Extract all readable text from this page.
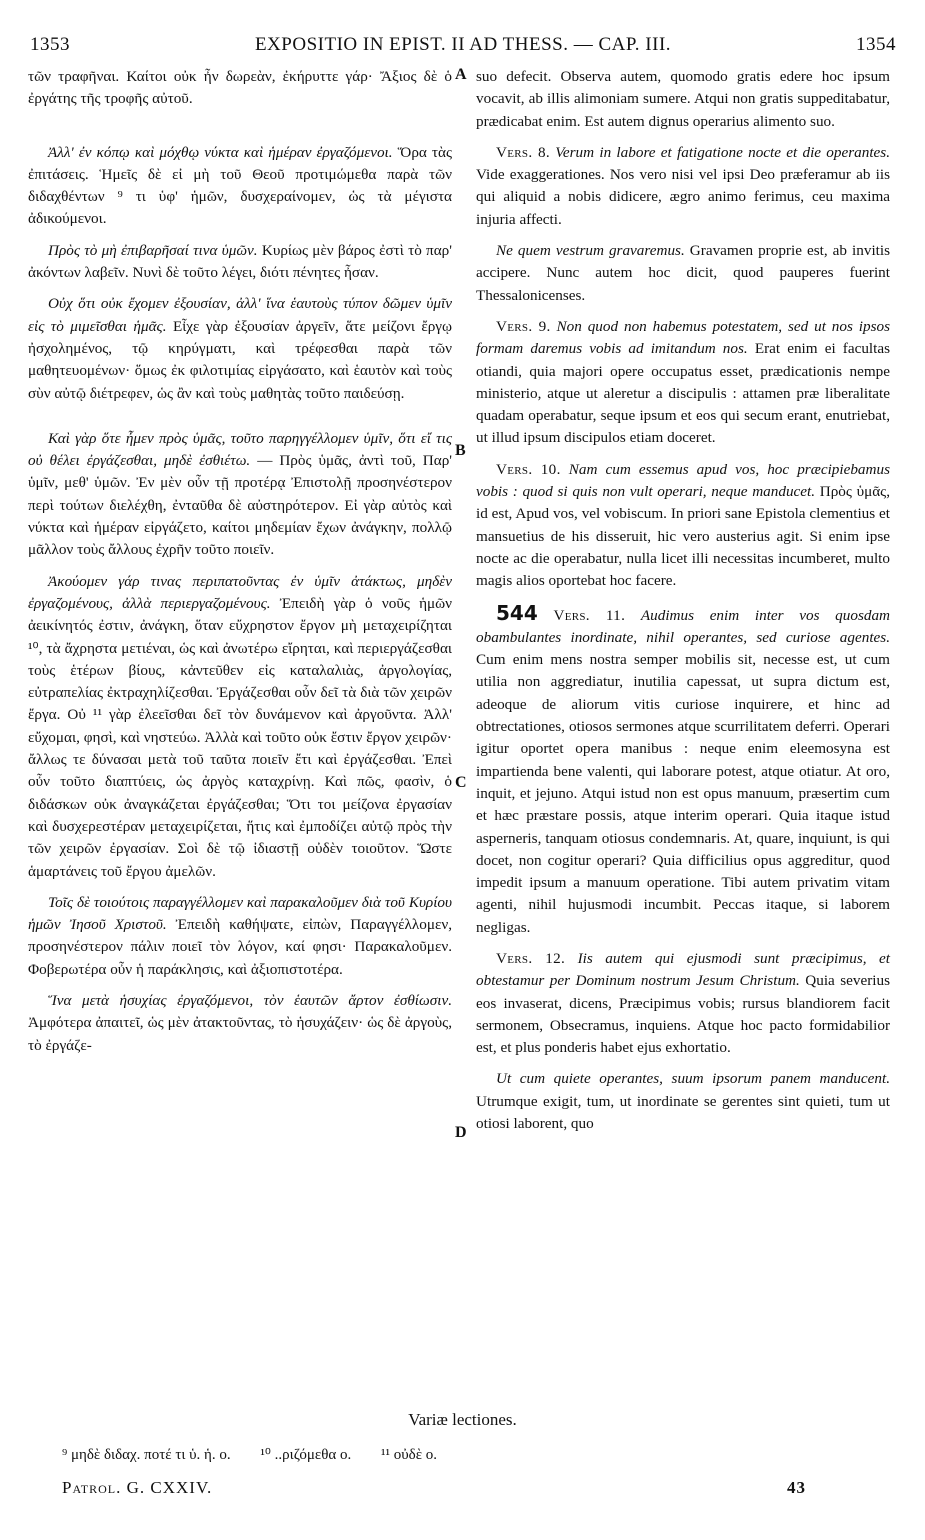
1353	EXPOSITIO IN EPIST. II AD THESS. — CAP. III.	1354
A
B
C
D

τῶν τραφῆναι. Καίτοι οὐκ ἦν δωρεὰν, ἐκήρυττε γάρ· Ἄξιος δὲ ὁ ἐργάτης τῆς τροφῆς αὐτοῦ.

Ἀλλ' ἐν κόπῳ καὶ μόχθῳ νύκτα καὶ ἡμέραν ἐργαζόμενοι. Ὅρα τὰς ἐπιτάσεις. Ἡμεῖς δὲ εἰ μὴ τοῦ Θεοῦ προτιμώμεθα παρὰ τῶν διδαχθέντων ⁹ τι ὑφ' ἡμῶν, δυσχεραίνομεν, ὡς τὰ μέγιστα ἀδικούμενοι.

Πρὸς τὸ μὴ ἐπιβαρῆσαί τινα ὑμῶν. Κυρίως μὲν βάρος ἐστὶ τὸ παρ' ἀκόντων λαβεῖν. Νυνὶ δὲ τοῦτο λέγει, διότι πένητες ἦσαν.

Οὐχ ὅτι οὐκ ἔχομεν ἐξουσίαν, ἀλλ' ἵνα ἑαυτοὺς τύπον δῶμεν ὑμῖν εἰς τὸ μιμεῖσθαι ἡμᾶς. Εἶχε γὰρ ἐξουσίαν ἀργεῖν, ἅτε μείζονι ἔργῳ ἠσχολημένος, τῷ κηρύγματι, καὶ τρέφεσθαι παρὰ τῶν μαθητευομένων· ὅμως ἐκ φιλοτιμίας εἰργάσατο, καὶ ἑαυτὸν καὶ τοὺς σὺν αὐτῷ διέτρεφεν, ὡς ἂν καὶ τοὺς μαθητὰς τοῦτο παιδεύσῃ.

Καὶ γὰρ ὅτε ἦμεν πρὸς ὑμᾶς, τοῦτο παρηγγέλλομεν ὑμῖν, ὅτι εἴ τις οὐ θέλει ἐργάζεσθαι, μηδὲ ἐσθιέτω. — Πρὸς ὑμᾶς, ἀντὶ τοῦ, Παρ' ὑμῖν, μεθ' ὑμῶν. Ἐν μὲν οὖν τῇ προτέρᾳ Ἐπιστολῇ προσηνέστερον περὶ τούτων διελέχθη, ἐνταῦθα δὲ αὐστηρότερον. Εἰ γὰρ αὐτὸς καὶ νύκτα καὶ ἡμέραν εἰργάζετο, καίτοι μηδεμίαν ἔχων ἀνάγκην, πολλῷ μᾶλλον τοὺς ἄλλους ἐχρῆν τοῦτο ποιεῖν.

Ἀκούομεν γάρ τινας περιπατοῦντας ἐν ὑμῖν ἀτάκτως, μηδὲν ἐργαζομένους, ἀλλὰ περιεργαζομένους. Ἐπειδὴ γὰρ ὁ νοῦς ἡμῶν ἀεικίνητός ἐστιν, ἀνάγκη, ὅταν εὔχρηστον ἔργον μὴ μεταχειρίζηται ¹⁰, τὰ ἄχρηστα μετιέναι, ὡς καὶ ἀνωτέρω εἴρηται, καὶ περιεργάζεσθαι τοὺς ἑτέρων βίους, κἀντεῦθεν εἰς καταλαλιὰς, ἀργολογίας, εὐτραπελίας ἐκτραχηλίζεσθαι. Ἐργάζεσθαι οὖν δεῖ τὰ διὰ τῶν χειρῶν ἔργα. Οὐ ¹¹ γὰρ ἐλεεῖσθαι δεῖ τὸν δυνάμενον καὶ ἀργοῦντα. Ἀλλ' εὔχομαι, φησὶ, καὶ νηστεύω. Ἀλλὰ καὶ τοῦτο οὐκ ἔστιν ἔργον χειρῶν· ἄλλως τε δύνασαι μετὰ τοῦ ταῦτα ποιεῖν ἔτι καὶ ἐργάζεσθαι. Ἐπεὶ οὖν τοῦτο διαπτύεις, ὡς ἀργὸς καταχρίνῃ. Καὶ πῶς, φασὶν, ὁ διδάσκων οὐκ ἀναγκάζεται ἐργάζεσθαι; Ὅτι τοι μείζονα ἐργασίαν καὶ δυσχερεστέραν μεταχειρίζεται, ἥτις καὶ ἐμποδίζει αὐτῷ πρὸς τὴν τῶν χειρῶν ἐργασίαν. Σοὶ δὲ τῷ ἰδιαστῇ οὐδὲν τοιοῦτον. Ὥστε ἁμαρτάνεις τοῦ ἔργου ἀμελῶν.

Τοῖς δὲ τοιούτοις παραγγέλλομεν καὶ παρακαλοῦμεν διὰ τοῦ Κυρίου ἡμῶν Ἰησοῦ Χριστοῦ. Ἐπειδὴ καθήψατε, εἰπὼν, Παραγγέλλομεν, προσηνέστερον πάλιν ποιεῖ τὸν λόγον, καί φησι· Παρακαλοῦμεν. Φοβερωτέρα οὖν ἡ παράκλησις, καὶ ἀξιοπιστοτέρα.

Ἵνα μετὰ ἡσυχίας ἐργαζόμενοι, τὸν ἑαυτῶν ἄρτον ἐσθίωσιν. Ἀμφότερα ἀπαιτεῖ, ὡς μὲν ἀτακτοῦντας, τὸ ἡσυχάζειν· ὡς δὲ ἀργοὺς, τὸ ἐργάζε-

suo defecit. Observa autem, quomodo gratis edere hoc ipsum vocavit, ab illis alimoniam sumere. Atqui non gratis suppeditabatur, prædicabat enim. Est autem dignus operarius alimento suo.

Vers. 8. Verum in labore et fatigatione nocte et die operantes. Vide exaggerationes. Nos vero nisi vel ipsi Deo præferamur ab iis qui aliquid a nobis didicere, ægro animo ferimus, ceu maxima injuria affecti.

Ne quem vestrum gravaremus. Gravamen proprie est, ab invitis accipere. Nunc autem hoc dicit, quod pauperes fuerint Thessalonicenses.

Vers. 9. Non quod non habemus potestatem, sed ut nos ipsos formam daremus vobis ad imitandum nos. Erat enim ei facultas otiandi, quia majori opere occupatus esset, prædicationis nempe ministerio, atque ut aleretur a discipulis : attamen præ liberalitate quadam operabatur, seque ipsum et eos qui secum erant, enutriebat, ut illud ipsum discipulos etiam doceret.

Vers. 10. Nam cum essemus apud vos, hoc præcipiebamus vobis : quod si quis non vult operari, neque manducet. Πρὸς ὑμᾶς, id est, Apud vos, vel vobiscum. In priori sane Epistola clementius et mansuetius de his disseruit, hic vero austerius agit. Si enim ipse nocte ac die operabatur, nulla licet illi necessitas incumberet, multo magis alios oportebat hoc facere.

544 Vers. 11. Audimus enim inter vos quosdam obambulantes inordinate, nihil operantes, sed curiose agentes. Cum enim mens nostra semper mobilis sit, necesse est, ut cum utilia non aggrediatur, inutilia capessat, ut supra dictum est, adeoque de aliorum vitis curiose inquirere, et hinc ad obtrectationes, otiosos sermones atque scurrilitatem deferri. Operari igitur oportet opera manibus : neque enim eleemosyna est impartienda bene valenti, qui laborare potest, atque otiatur. At oro, inquit, et jejuno. Atqui istud non est opus manuum, præsertim cum et hæc præstare possis, atque interim operari. Quia itaque istud asperneris, tanquam otiosus condemnaris. At, quare, inquiunt, is qui docet, non cogitur operari? Quia difficilius opus aggreditur, quod impedit ipsum a manuum operatione. Tibi autem privatim vitam agenti, nihil hujusmodi incumbit. Peccas itaque, si laborem negligas.

Vers. 12. Iis autem qui ejusmodi sunt præcipimus, et obtestamur per Dominum nostrum Jesum Christum. Quia severius eos invaserat, dicens, Præcipimus vobis; rursus blandiorem facit sermonem, Obsecramus, inquiens. Atque hoc pacto formidabilior est, et plus ponderis habet ejus exhortatio.

Ut cum quiete operantes, suum ipsorum panem manducent. Utrumque exigit, tum, ut inordinate se gerentes sint quieti, tum ut otiosi laborent, quo

Variæ lectiones.
⁹ μηδὲ διδαχ. ποτέ τι ὑ. ἡ. ο. ¹⁰ ..ριζόμεθα ο. ¹¹ οὐδὲ ο.
Patrol. G. CXXIV.	43
